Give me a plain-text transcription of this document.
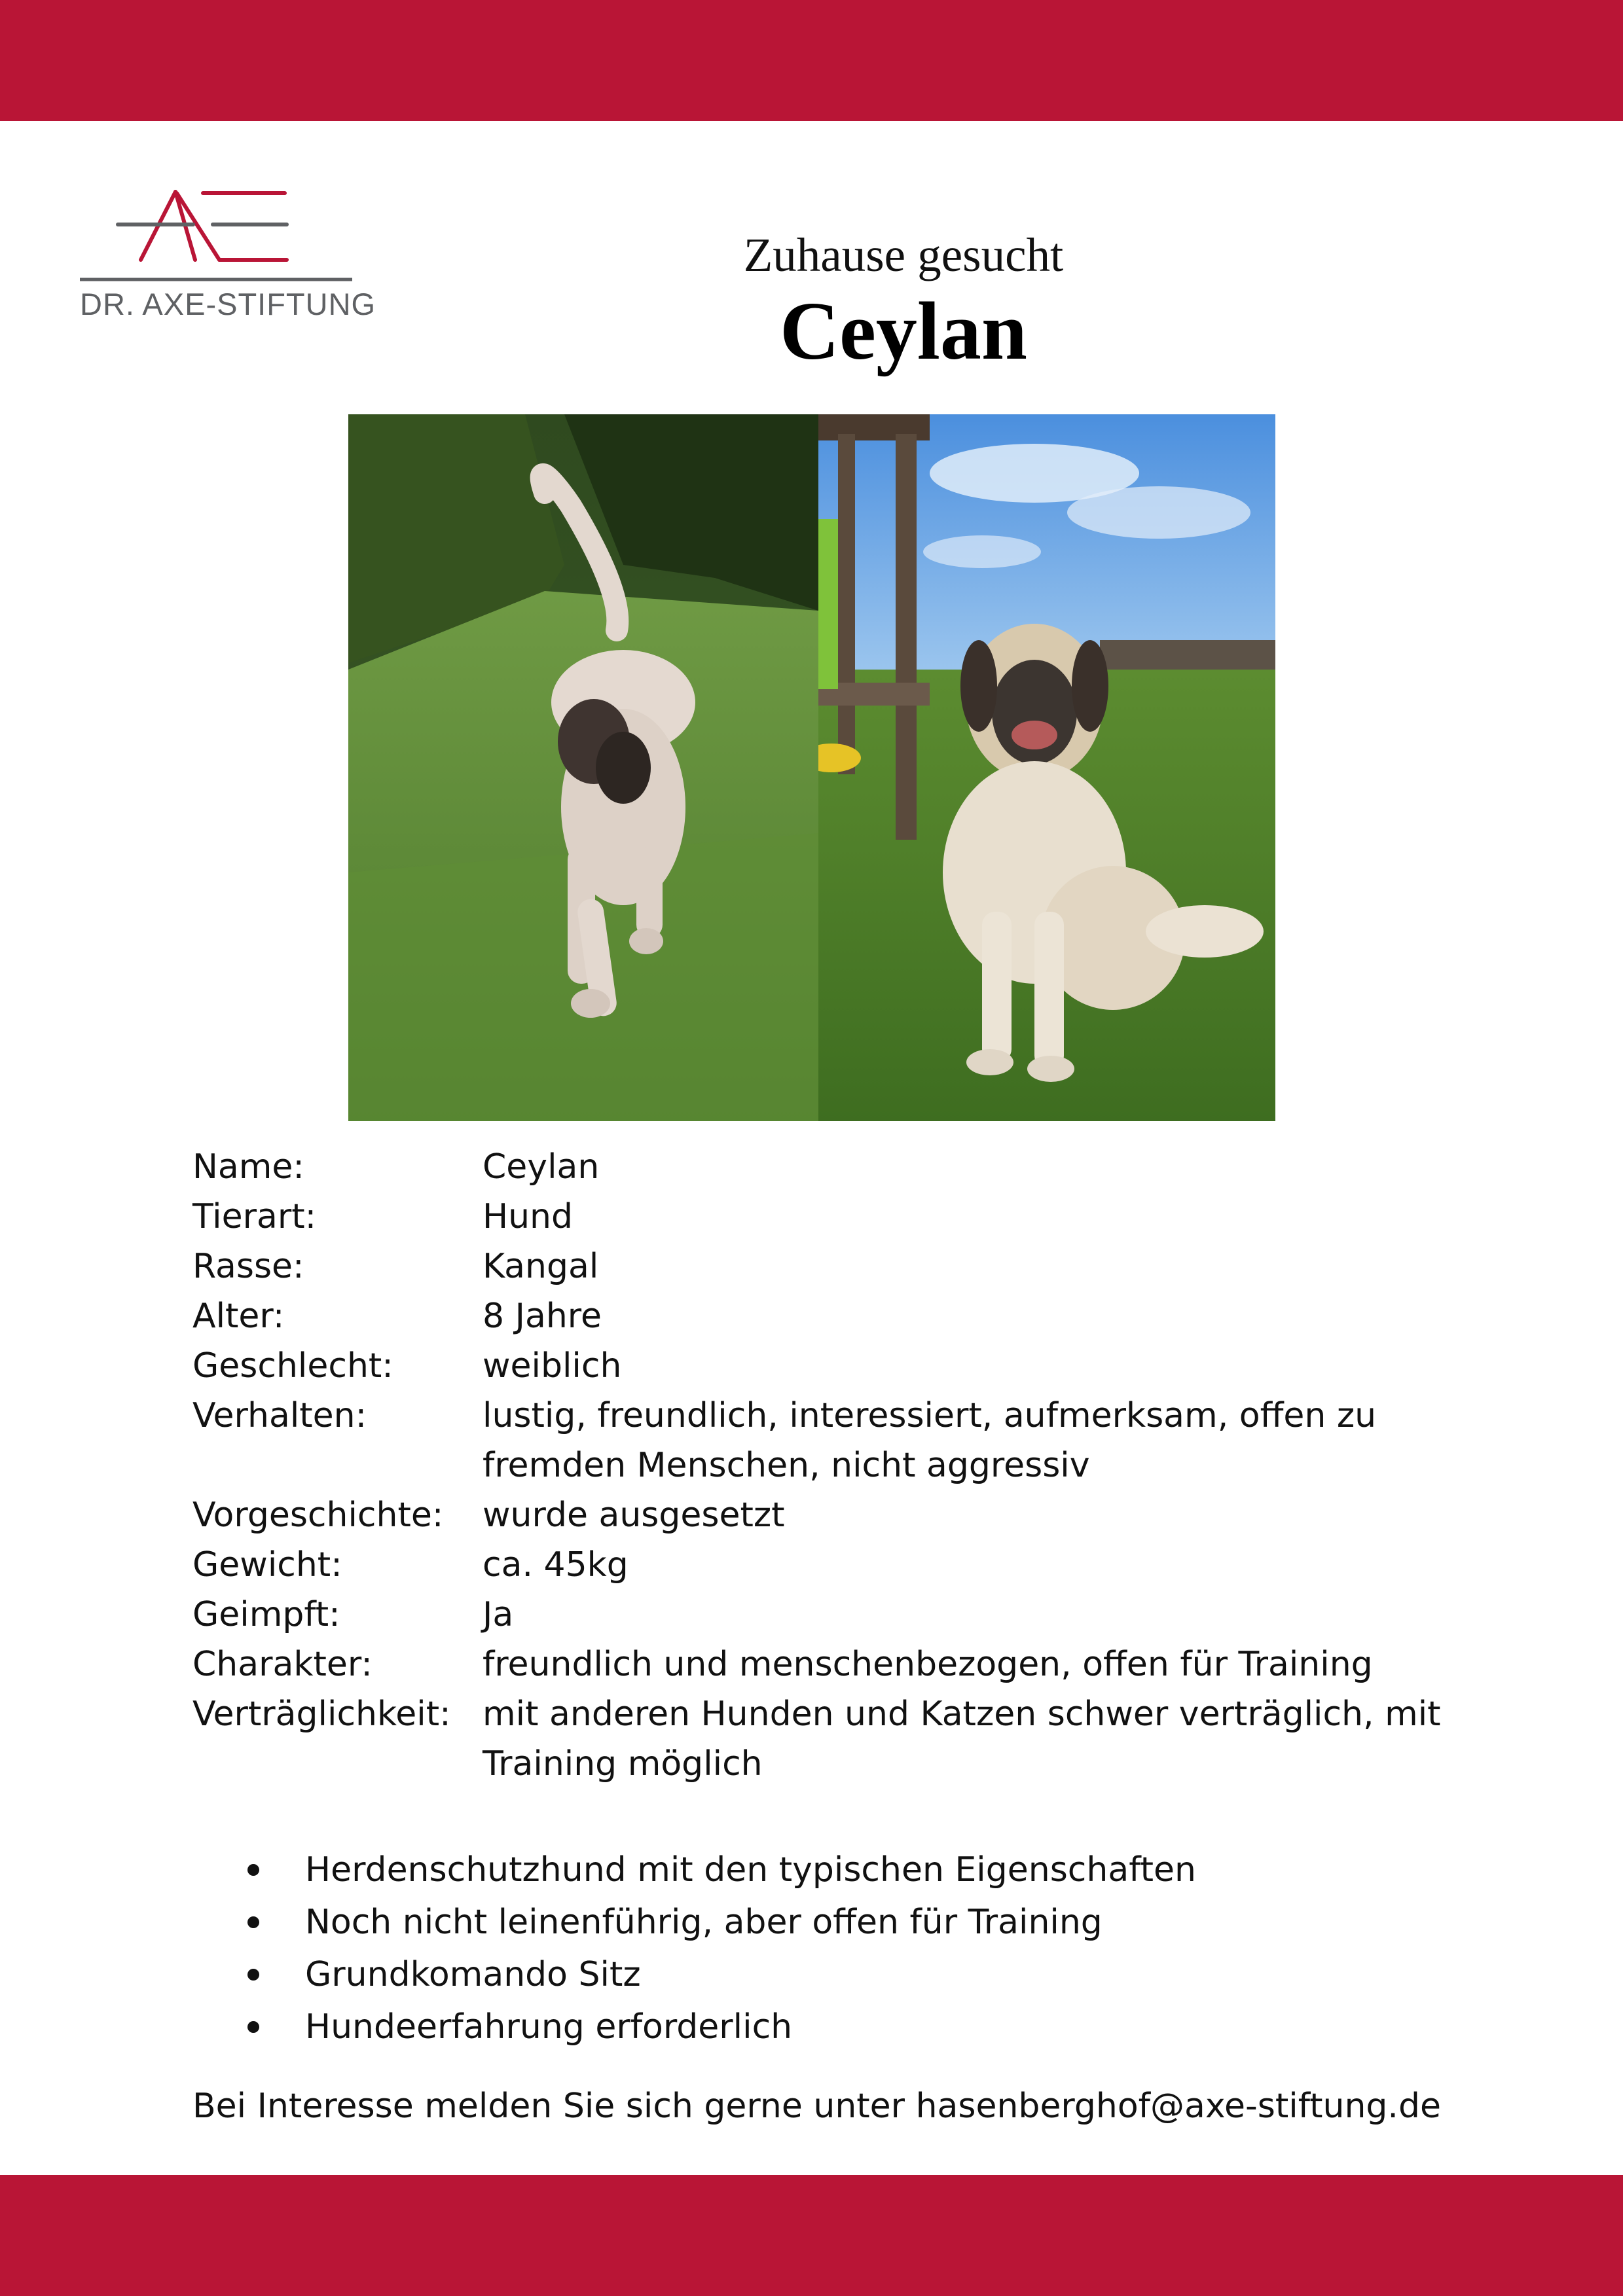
DR. AXE-STIFTUNG
Zuhause gesucht
Ceylan
Name:	Ceylan
Tierart:	Hund
Rasse:	Kangal
Alter:	8 Jahre
Geschlecht:	weiblich
Verhalten:	lustig, freundlich, interessiert, aufmerksam, offen zu fremden Menschen, nicht aggressiv
Vorgeschichte:	wurde ausgesetzt
Gewicht:	ca. 45kg
Geimpft:	Ja
Charakter:	freundlich und menschenbezogen, offen für Training
Verträglichkeit: mit anderen Hunden und Katzen schwer verträglich, mit Training möglich
Herdenschutzhund mit den typischen Eigenschaften
Noch nicht leinenführig, aber offen für Training
Grundkomando Sitz
Hundeerfahrung erforderlich
Bei Interesse melden Sie sich gerne unter hasenberghof@axe-stiftung.de
